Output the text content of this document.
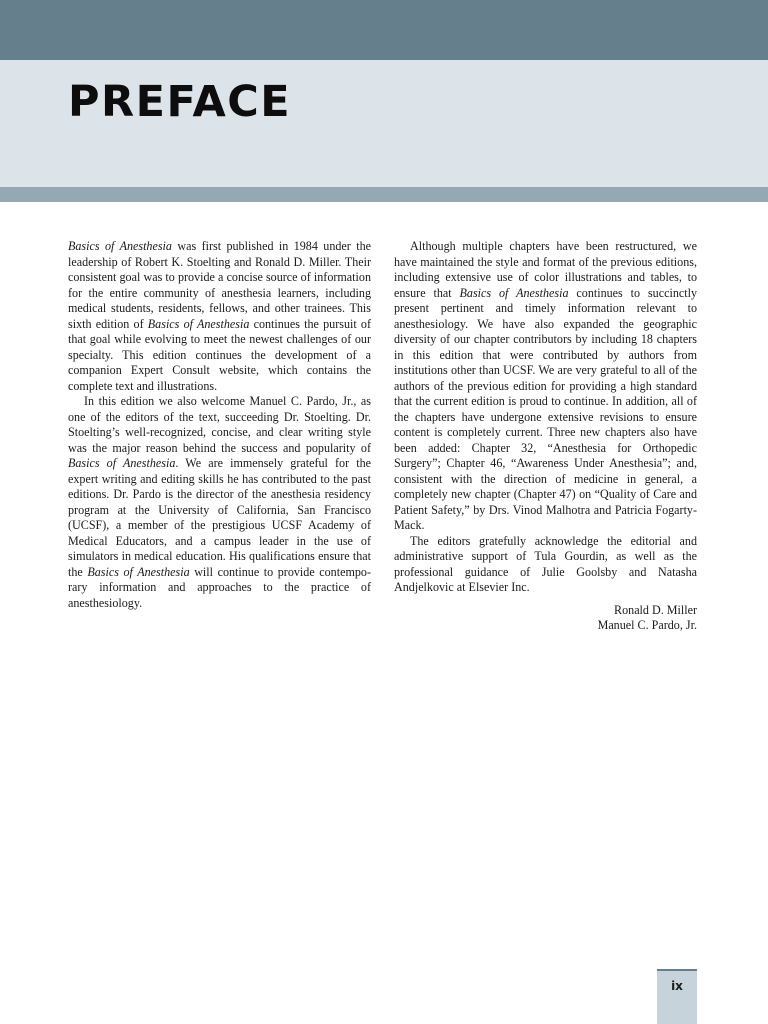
PREFACE

Basics of Anesthesia was first published in 1984 under the leadership of Robert K. Stoelting and Ronald D. Miller. Their consistent goal was to provide a concise source of information for the entire community of anesthesia learners, including medical students, residents, fellows, and other trainees. This sixth edition of Basics of Anesthesia continues the pursuit of that goal while evolving to meet the newest challenges of our specialty. This edition continues the development of a companion Expert Consult website, which contains the complete text and illustrations.

In this edition we also welcome Manuel C. Pardo, Jr., as one of the editors of the text, succeeding Dr. Stoelting. Dr. Stoelting’s well-recognized, concise, and clear writing style was the major reason behind the success and popularity of Basics of Anesthesia. We are immensely grateful for the expert writing and editing skills he has contributed to the past editions. Dr. Pardo is the director of the anesthesia residency program at the University of California, San Francisco (UCSF), a member of the prestigious UCSF Academy of Medical Educators, and a campus leader in the use of simulators in medical education. His qualifications ensure that the Basics of Anesthesia will continue to provide contemporary information and approaches to the practice of anesthesiology.

Although multiple chapters have been restructured, we have maintained the style and format of the previous editions, including extensive use of color illustrations and tables, to ensure that Basics of Anesthesia continues to succinctly present pertinent and timely information relevant to anesthesiology. We have also expanded the geographic diversity of our chapter contributors by including 18 chapters in this edition that were contributed by authors from institutions other than UCSF. We are very grateful to all of the authors of the previous edition for providing a high standard that the current edition is proud to continue. In addition, all of the chapters have undergone extensive revisions to ensure content is completely current. Three new chapters also have been added: Chapter 32, “Anesthesia for Orthopedic Surgery”; Chapter 46, “Awareness Under Anesthesia”; and, consistent with the direction of medicine in general, a completely new chapter (Chapter 47) on “Quality of Care and Patient Safety,” by Drs. Vinod Malhotra and Patricia Fogarty-Mack.

The editors gratefully acknowledge the editorial and administrative support of Tula Gourdin, as well as the professional guidance of Julie Goolsby and Natasha Andjelkovic at Elsevier Inc.

Ronald D. Miller
Manuel C. Pardo, Jr.
ix
